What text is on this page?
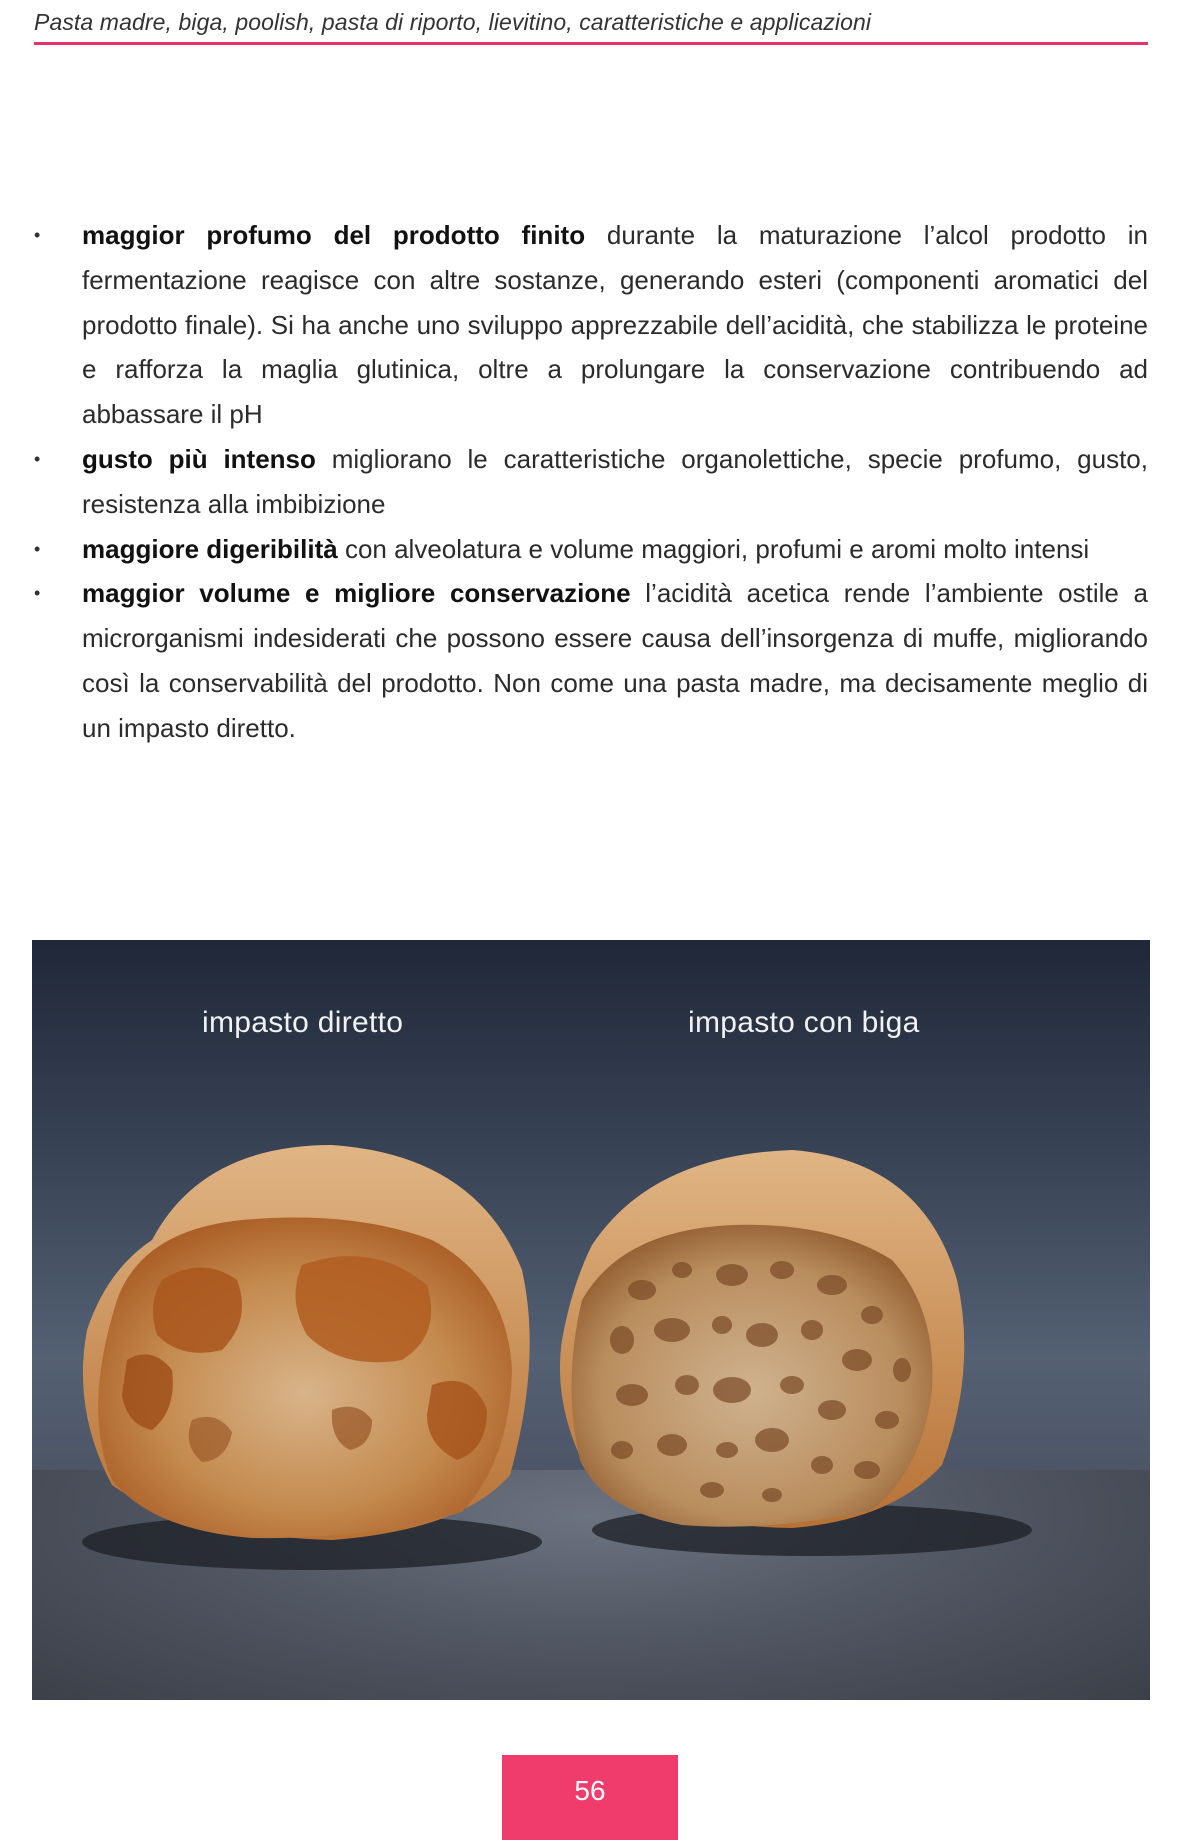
Pasta madre, biga, poolish, pasta di riporto, lievitino, caratteristiche e applicazioni
• maggior profumo del prodotto finito durante la maturazione l’alcol prodotto in fermentazione reagisce con altre sostanze, generando esteri (componenti aromatici del prodotto finale). Si ha anche uno sviluppo apprezzabile dell’acidità, che stabilizza le proteine e rafforza la maglia glutinica, oltre a prolungare la conservazione contribuendo ad abbassare il pH
• gusto più intenso migliorano le caratteristiche organolettiche, specie profumo, gusto, resistenza alla imbibizione
• maggiore digeribilità con alveolatura e volume maggiori, profumi e aromi molto intensi
• maggior volume e migliore conservazione l’acidità acetica rende l’ambiente ostile a microrganismi indesiderati che possono essere causa dell’insorgenza di muffe, migliorando così la conservabilità del prodotto. Non come una pasta madre, ma decisamente meglio di un impasto diretto.
impasto diretto	impasto con biga
56
